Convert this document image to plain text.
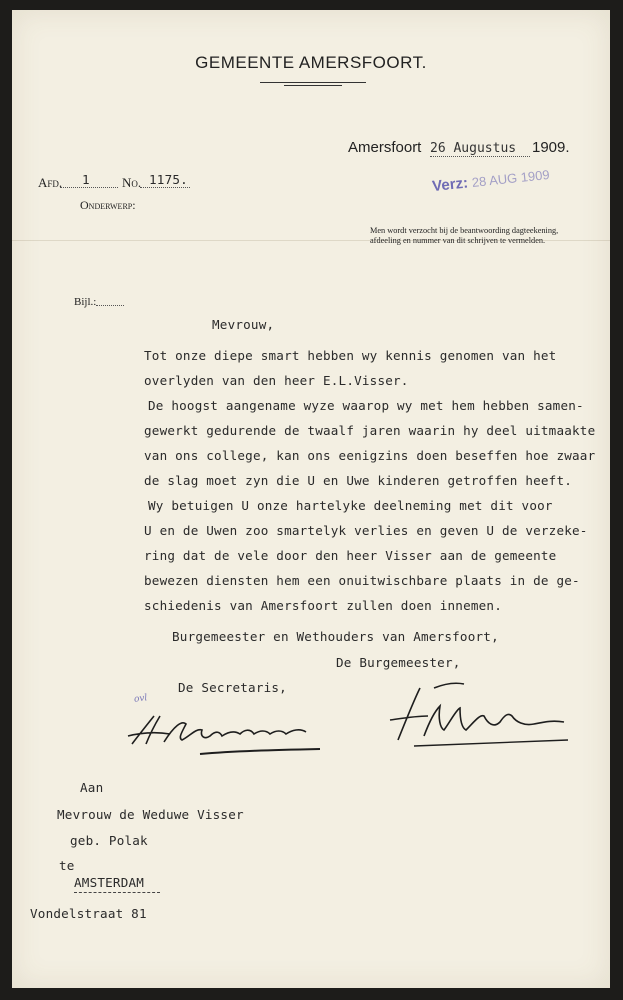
GEMEENTE AMERSFOORT.
Amersfoort 26 Augustus 1909.
Afd. 1 No. 1175.
Onderwerp:
Verz: 28 AUG 1909
Men wordt verzocht bij de beantwoording dagteekening, afdeeling en nummer van dit schrijven te vermelden.
Bijl.:
Mevrouw,
Tot onze diepe smart hebben wy kennis genomen van het
overlyden van den heer E.L.Visser.
De hoogst aangename wyze waarop wy met hem hebben samen-
gewerkt gedurende de twaalf jaren waarin hy deel uitmaakte
van ons college, kan ons eenigzins doen beseffen hoe zwaar
de slag moet zyn die U en Uwe kinderen getroffen heeft.
Wy betuigen U onze hartelyke deelneming met dit voor
U en de Uwen zoo smartelyk verlies en geven U de verzeke-
ring dat de vele door den heer Visser aan de gemeente
bewezen diensten hem een onuitwischbare plaats in de ge-
schiedenis van Amersfoort zullen doen innemen.
Burgemeester en Wethouders van Amersfoort,
De Burgemeester,
De Secretaris,
ovl
Aan
Mevrouw de Weduwe Visser
geb. Polak
te
AMSTERDAM
Vondelstraat 81
